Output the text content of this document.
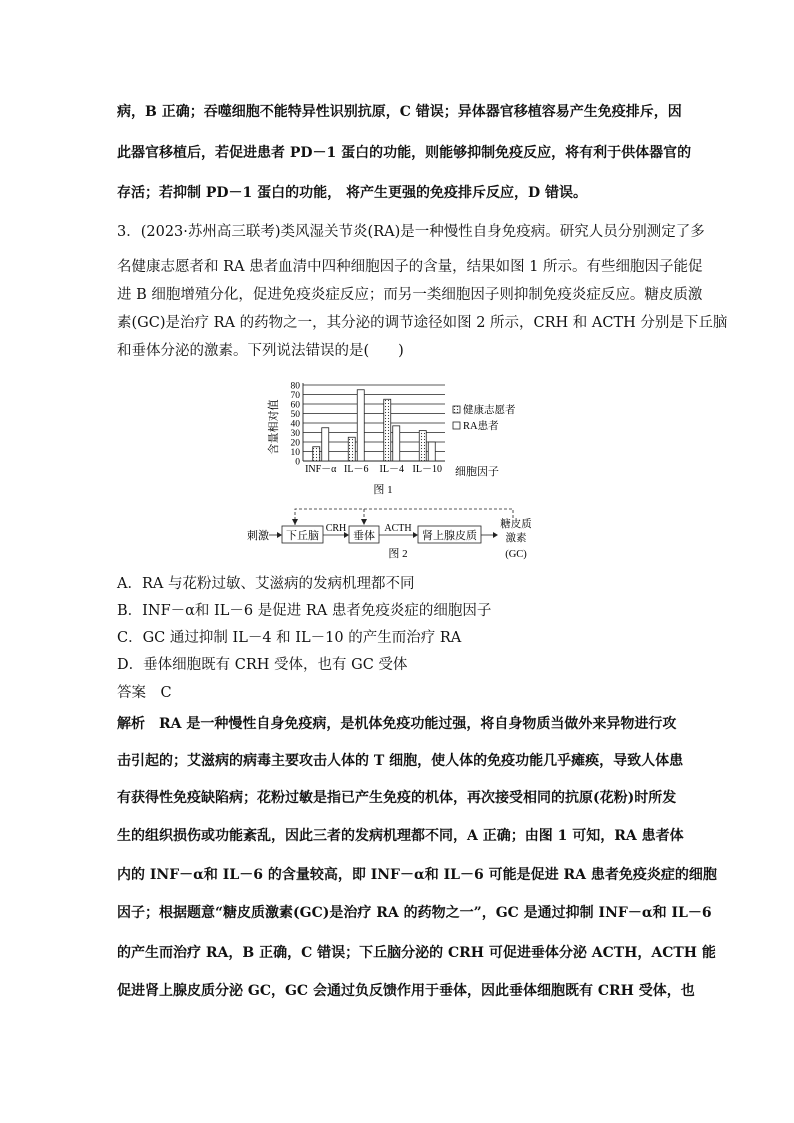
病，B 正确；吞噬细胞不能特异性识别抗原，C 错误；异体器官移植容易产生免疫排斥，因
此器官移植后，若促进患者 PD－1 蛋白的功能，则能够抑制免疫反应，将有利于供体器官的
存活；若抑制 PD－1 蛋白的功能， 将产生更强的免疫排斥反应，D 错误。
3．(2023·苏州高三联考)类风湿关节炎(RA)是一种慢性自身免疫病。研究人员分别测定了多
名健康志愿者和 RA 患者血清中四种细胞因子的含量，结果如图 1 所示。有些细胞因子能促
进 B 细胞增殖分化，促进免疫炎症反应；而另一类细胞因子则抑制免疫炎症反应。糖皮质激
素(GC)是治疗 RA 的药物之一，其分泌的调节途径如图 2 所示，CRH 和 ACTH 分别是下丘脑
和垂体分泌的激素。下列说法错误的是(　　)
含量相对值
0
10
20
30
40
50
60
70
80
INF－α IL－6 IL－4 IL－10 细胞因子
健康志愿者
RA患者
图 1
刺激 下丘脑
CRH
垂体
ACTH
肾上腺皮质
糖皮质
激素
(GC)
图 2
A．RA 与花粉过敏、艾滋病的发病机理都不同
B．INF－α和 IL－6 是促进 RA 患者免疫炎症的细胞因子
C．GC 通过抑制 IL－4 和 IL－10 的产生而治疗 RA
D．垂体细胞既有 CRH 受体，也有 GC 受体
答案　C
解析　RA 是一种慢性自身免疫病，是机体免疫功能过强，将自身物质当做外来异物进行攻
击引起的；艾滋病的病毒主要攻击人体的 T 细胞，使人体的免疫功能几乎瘫痪，导致人体患
有获得性免疫缺陷病；花粉过敏是指已产生免疫的机体，再次接受相同的抗原(花粉)时所发
生的组织损伤或功能紊乱，因此三者的发病机理都不同，A 正确；由图 1 可知，RA 患者体
内的 INF－α和 IL－6 的含量较高，即 INF－α和 IL－6 可能是促进 RA 患者免疫炎症的细胞
因子；根据题意“糖皮质激素(GC)是治疗 RA 的药物之一”，GC 是通过抑制 INF－α和 IL－6
的产生而治疗 RA，B 正确，C 错误；下丘脑分泌的 CRH 可促进垂体分泌 ACTH，ACTH 能
促进肾上腺皮质分泌 GC，GC 会通过负反馈作用于垂体，因此垂体细胞既有 CRH 受体，也
